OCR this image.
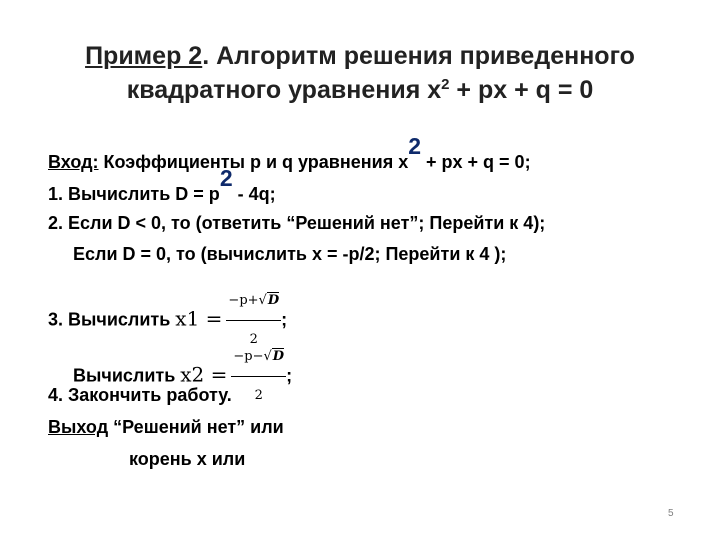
Пример 2. Алгоритм решения приведенного
квадратного уравнения $x^2$ + px + q = 0
Вход: Коэффициенты p и q уравнения x2 + px + q = 0;
1. Вычислить D = p2 - 4q;
2. Если D < 0, то (ответить “Решений нет”; Перейти к 4);
Если D = 0, то (вычислить x = -p/2; Перейти к 4 );
3. Вычислить $x1 = \frac{-p+√D}{2}$ ;
Вычислить $x2 = \frac{-p-√D}{2}$ ;
4. Закончить работу.
Выход “Решений нет” или
корень x или
5
